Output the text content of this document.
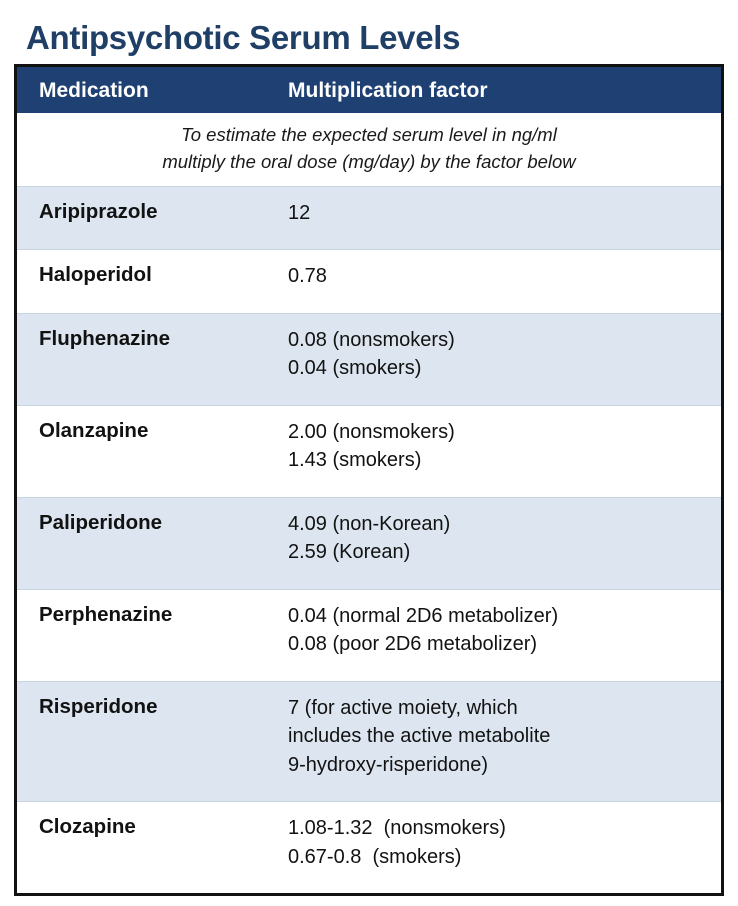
Antipsychotic Serum Levels
Medication	Multiplication factor
To estimate the expected serum level in ng/ml
multiply the oral dose (mg/day) by the factor below
Aripiprazole	12
Haloperidol	0.78
Fluphenazine	0.08 (nonsmokers)
0.04 (smokers)
Olanzapine	2.00 (nonsmokers)
1.43 (smokers)
Paliperidone	4.09 (non-Korean)
2.59 (Korean)
Perphenazine	0.04 (normal 2D6 metabolizer)
0.08 (poor 2D6 metabolizer)
Risperidone	7 (for active moiety, which
includes the active metabolite
9-hydroxy-risperidone)
Clozapine	1.08-1.32  (nonsmokers)
0.67-0.8  (smokers)
